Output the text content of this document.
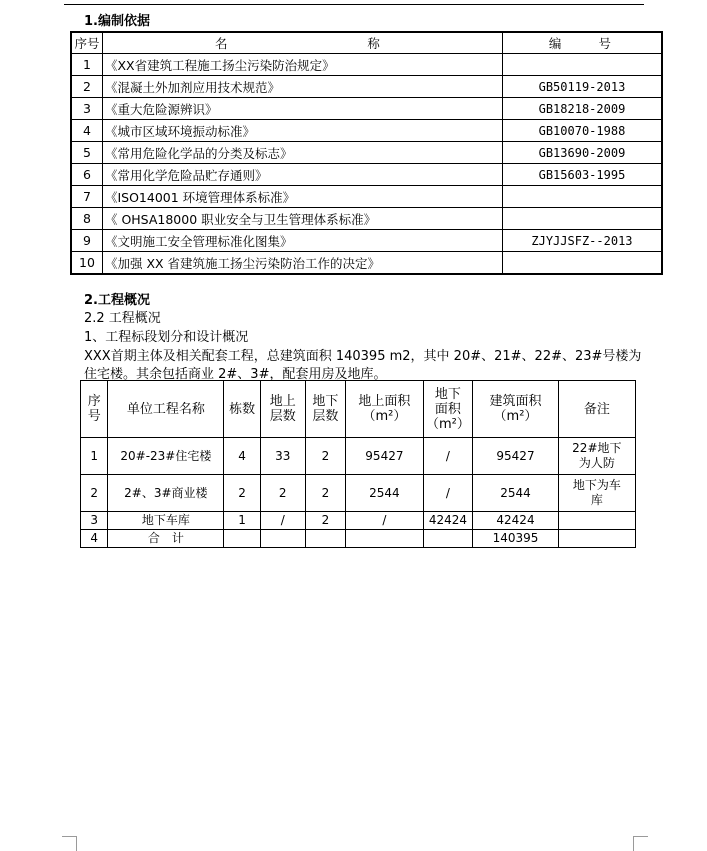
1.编制依据
序号	名 称	编 号

1	《XX省建筑工程施工扬尘污染防治规定》	
2	《混凝土外加剂应用技术规范》	GB50119-2013
3	《重大危险源辨识》	GB18218-2009
4	《城市区域环境振动标准》	GB10070-1988
5	《常用危险化学品的分类及标志》	GB13690-2009
6	《常用化学危险品贮存通则》	GB15603-1995
7	《ISO14001 环境管理体系标准》	
8	《 OHSA18000 职业安全与卫生管理体系标准》	
9	《文明施工安全管理标准化图集》	ZJYJJSFZ--2013
10	《加强 XX 省建筑施工扬尘污染防治工作的决定》	
2.工程概况
2.2 工程概况
1、工程标段划分和设计概况
XXX首期主体及相关配套工程，总建筑面积 140395 m2，其中 20#、21#、22#、23#号楼为
住宅楼。其余包括商业 2#、3#，配套用房及地库。
序
号	单位工程名称	栋数	地上
层数	地下
层数	地上面积
（m²）	地下
面积
（m²）	建筑面积
（m²）	备注
1	20#-23#住宅楼	4	33	2	95427	/	95427	22#地下
为人防
2	2#、3#商业楼	2	2	2	2544	/	2544	地下为车
库
3	地下车库	1	/	2	/	42424	42424	
4	合　计						140395	
